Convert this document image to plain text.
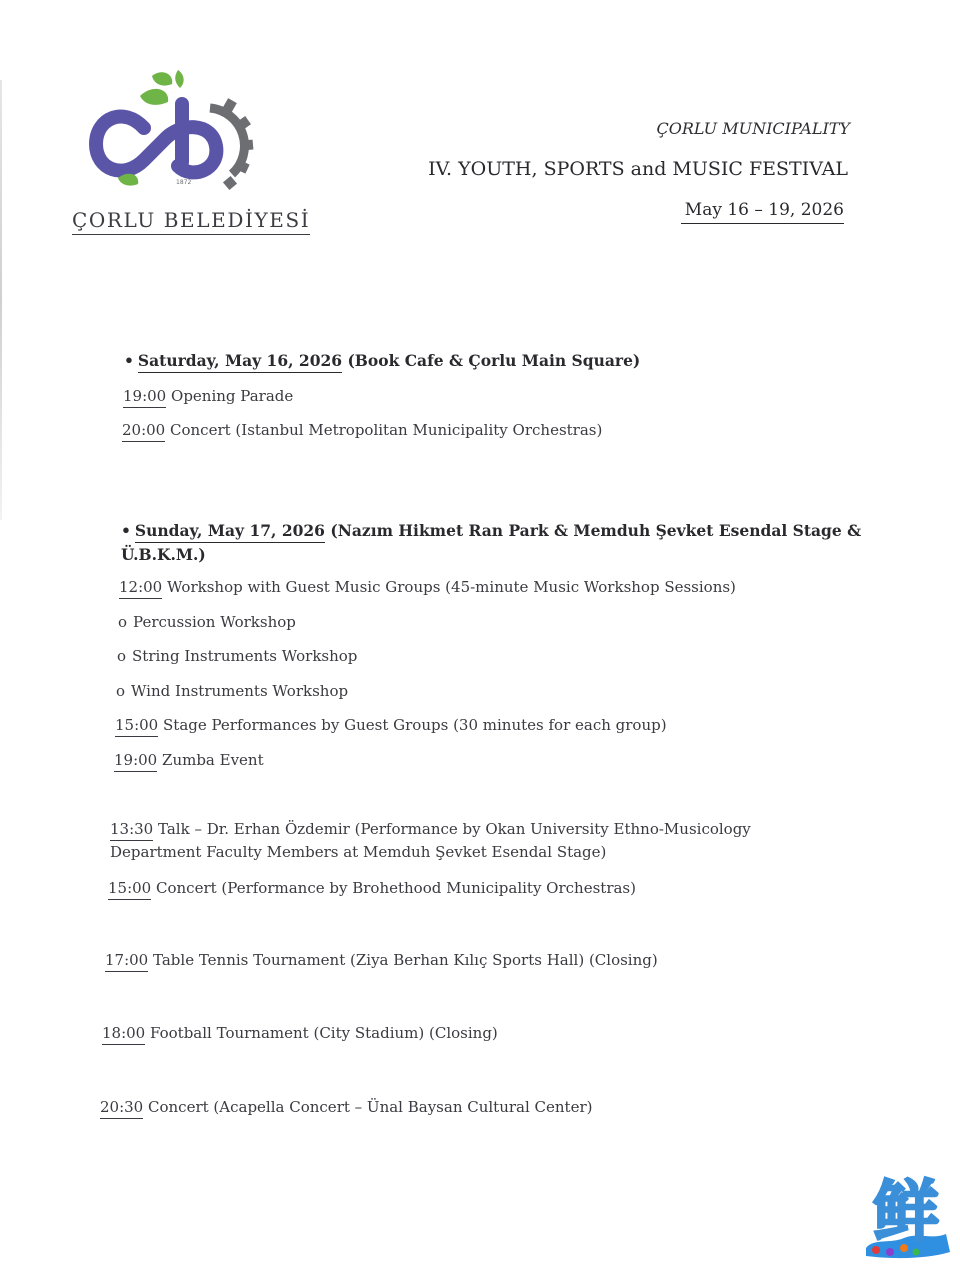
1872
ÇORLU BELEDİYESİ
ÇORLU MUNICIPALITY
IV. YOUTH, SPORTS and MUSIC FESTIVAL
May 16 – 19, 2026
• Saturday, May 16, 2026 (Book Cafe & Çorlu Main Square)
19:00 Opening Parade
20:00 Concert (Istanbul Metropolitan Municipality Orchestras)
• Sunday, May 17, 2026 (Nazım Hikmet Ran Park & Memduh Şevket Esendal Stage &
Ü.B.K.M.)
12:00 Workshop with Guest Music Groups (45-minute Music Workshop Sessions)
o Percussion Workshop
o String Instruments Workshop
o Wind Instruments Workshop
15:00 Stage Performances by Guest Groups (30 minutes for each group)
19:00 Zumba Event
13:30 Talk – Dr. Erhan Özdemir (Performance by Okan University Ethno-Musicology
Department Faculty Members at Memduh Şevket Esendal Stage)
15:00 Concert (Performance by Brohethood Municipality Orchestras)
17:00 Table Tennis Tournament (Ziya Berhan Kılıç Sports Hall) (Closing)
18:00 Football Tournament (City Stadium) (Closing)
20:30 Concert (Acapella Concert – Ünal Baysan Cultural Center)
鲜
